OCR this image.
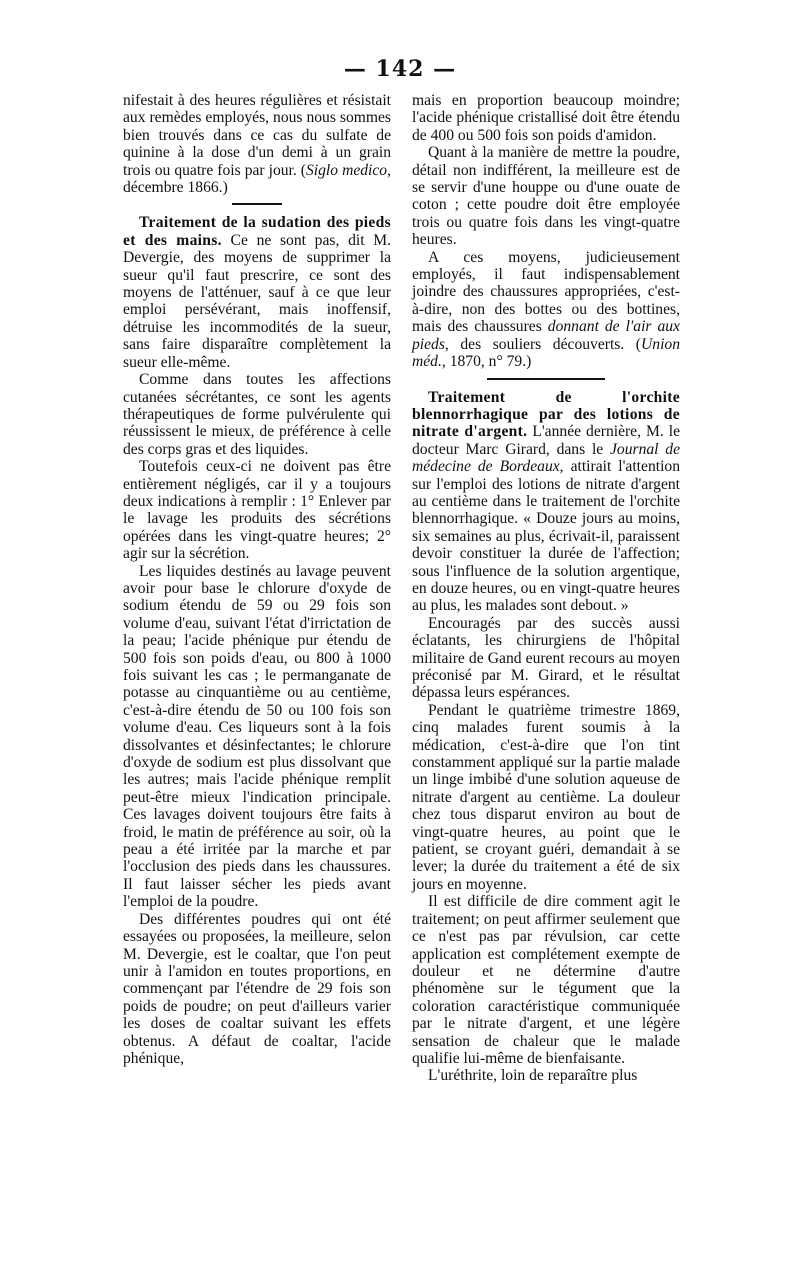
— 142 —

nifestait à des heures régulières et résistait aux remèdes employés, nous nous sommes bien trouvés dans ce cas du sulfate de quinine à la dose d'un demi à un grain trois ou quatre fois par jour. (Siglo medico, décembre 1866.)

Traitement de la sudation des pieds et des mains. Ce ne sont pas, dit M. Devergie, des moyens de supprimer la sueur qu'il faut prescrire, ce sont des moyens de l'atténuer, sauf à ce que leur emploi persévérant, mais inoffensif, détruise les incommodités de la sueur, sans faire disparaître complètement la sueur elle-même.

Comme dans toutes les affections cutanées sécrétantes, ce sont les agents thérapeutiques de forme pulvérulente qui réussissent le mieux, de préférence à celle des corps gras et des liquides.

Toutefois ceux-ci ne doivent pas être entièrement négligés, car il y a toujours deux indications à remplir : 1° Enlever par le lavage les produits des sécrétions opérées dans les vingt-quatre heures; 2° agir sur la sécrétion.

Les liquides destinés au lavage peuvent avoir pour base le chlorure d'oxyde de sodium étendu de 59 ou 29 fois son volume d'eau, suivant l'état d'irrictation de la peau; l'acide phénique pur étendu de 500 fois son poids d'eau, ou 800 à 1000 fois suivant les cas ; le permanganate de potasse au cinquantième ou au centième, c'est-à-dire étendu de 50 ou 100 fois son volume d'eau. Ces liqueurs sont à la fois dissolvantes et désinfectantes; le chlorure d'oxyde de sodium est plus dissolvant que les autres; mais l'acide phénique remplit peut-être mieux l'indication principale. Ces lavages doivent toujours être faits à froid, le matin de préférence au soir, où la peau a été irritée par la marche et par l'occlusion des pieds dans les chaussures. Il faut laisser sécher les pieds avant l'emploi de la poudre.

Des différentes poudres qui ont été essayées ou proposées, la meilleure, selon M. Devergie, est le coaltar, que l'on peut unir à l'amidon en toutes proportions, en commençant par l'étendre de 29 fois son poids de poudre; on peut d'ailleurs varier les doses de coaltar suivant les effets obtenus. A défaut de coaltar, l'acide phénique,

mais en proportion beaucoup moindre; l'acide phénique cristallisé doit être étendu de 400 ou 500 fois son poids d'amidon.

Quant à la manière de mettre la poudre, détail non indifférent, la meilleure est de se servir d'une houppe ou d'une ouate de coton ; cette poudre doit être employée trois ou quatre fois dans les vingt-quatre heures.

A ces moyens, judicieusement employés, il faut indispensablement joindre des chaussures appropriées, c'est-à-dire, non des bottes ou des bottines, mais des chaussures donnant de l'air aux pieds, des souliers découverts. (Union méd., 1870, n° 79.)

Traitement de l'orchite blennorrhagique par des lotions de nitrate d'argent. L'année dernière, M. le docteur Marc Girard, dans le Journal de médecine de Bordeaux, attirait l'attention sur l'emploi des lotions de nitrate d'argent au centième dans le traitement de l'orchite blennorrhagique. « Douze jours au moins, six semaines au plus, écrivait-il, paraissent devoir constituer la durée de l'affection; sous l'influence de la solution argentique, en douze heures, ou en vingt-quatre heures au plus, les malades sont debout. »

Encouragés par des succès aussi éclatants, les chirurgiens de l'hôpital militaire de Gand eurent recours au moyen préconisé par M. Girard, et le résultat dépassa leurs espérances.

Pendant le quatrième trimestre 1869, cinq malades furent soumis à la médication, c'est-à-dire que l'on tint constamment appliqué sur la partie malade un linge imbibé d'une solution aqueuse de nitrate d'argent au centième. La douleur chez tous disparut environ au bout de vingt-quatre heures, au point que le patient, se croyant guéri, demandait à se lever; la durée du traitement a été de six jours en moyenne.

Il est difficile de dire comment agit le traitement; on peut affirmer seulement que ce n'est pas par révulsion, car cette application est complétement exempte de douleur et ne détermine d'autre phénomène sur le tégument que la coloration caractéristique communiquée par le nitrate d'argent, et une légère sensation de chaleur que le malade qualifie lui-même de bienfaisante.

L'uréthrite, loin de reparaître plus
